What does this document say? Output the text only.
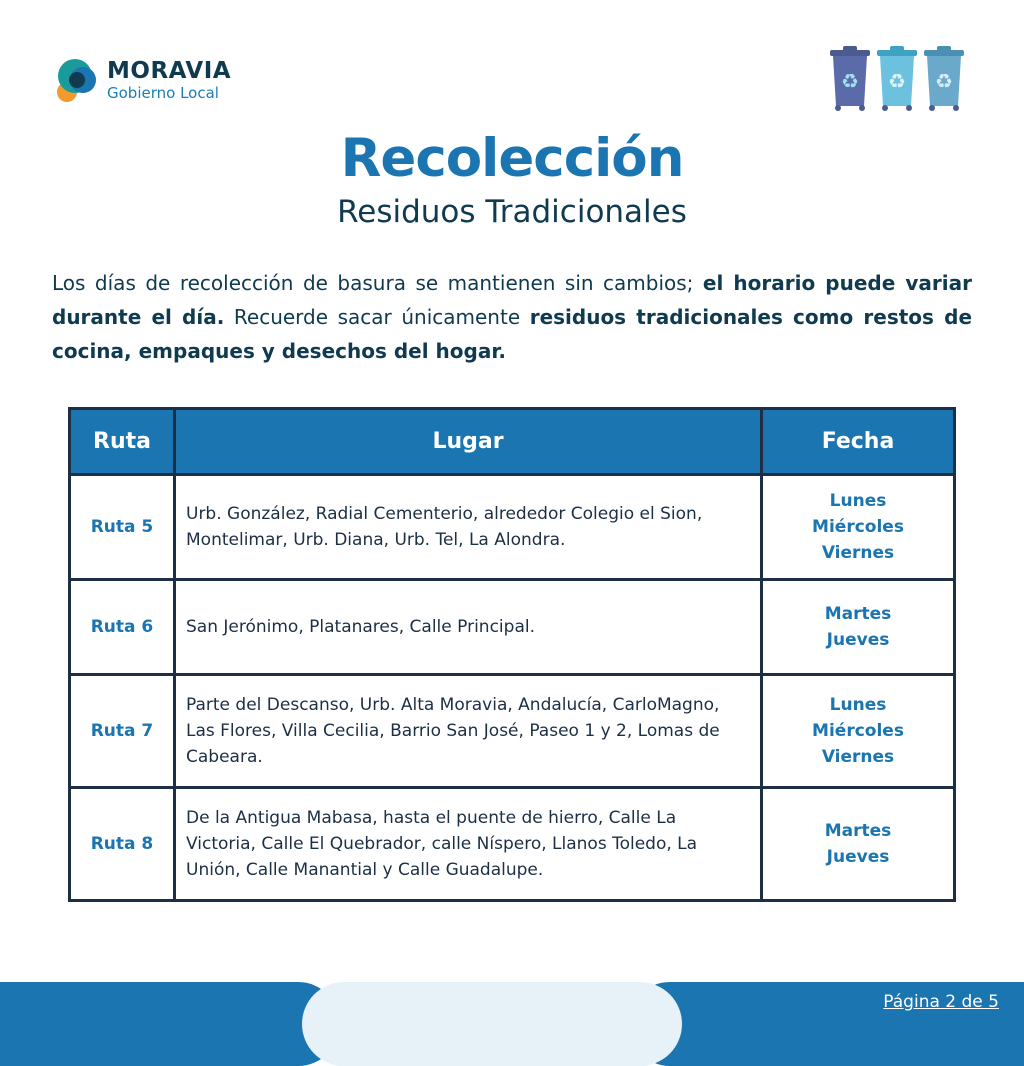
MORAVIA
Gobierno Local	♻ ♻ ♻
Recolección
Residuos Tradicionales
Los días de recolección de basura se mantienen sin cambios; el horario puede variar durante el día. Recuerde sacar únicamente residuos tradicionales como restos de cocina, empaques y desechos del hogar.
Ruta	Lugar	Fecha
Ruta 5	Urb. González, Radial Cementerio, alrededor Colegio el Sion, Montelimar, Urb. Diana, Urb. Tel, La Alondra.	Lunes
Miércoles
Viernes

Ruta 6	San Jerónimo, Platanares, Calle Principal.	Martes
Jueves

Ruta 7	Parte del Descanso, Urb. Alta Moravia, Andalucía, CarloMagno, Las Flores, Villa Cecilia, Barrio San José, Paseo 1 y 2, Lomas de Cabeara.	Lunes
Miércoles
Viernes

Ruta 8	De la Antigua Mabasa, hasta el puente de hierro, Calle La Victoria, Calle El Quebrador, calle Níspero, Llanos Toledo, La Unión, Calle Manantial y Calle Guadalupe.	Martes
Jueves
Página 2 de 5
